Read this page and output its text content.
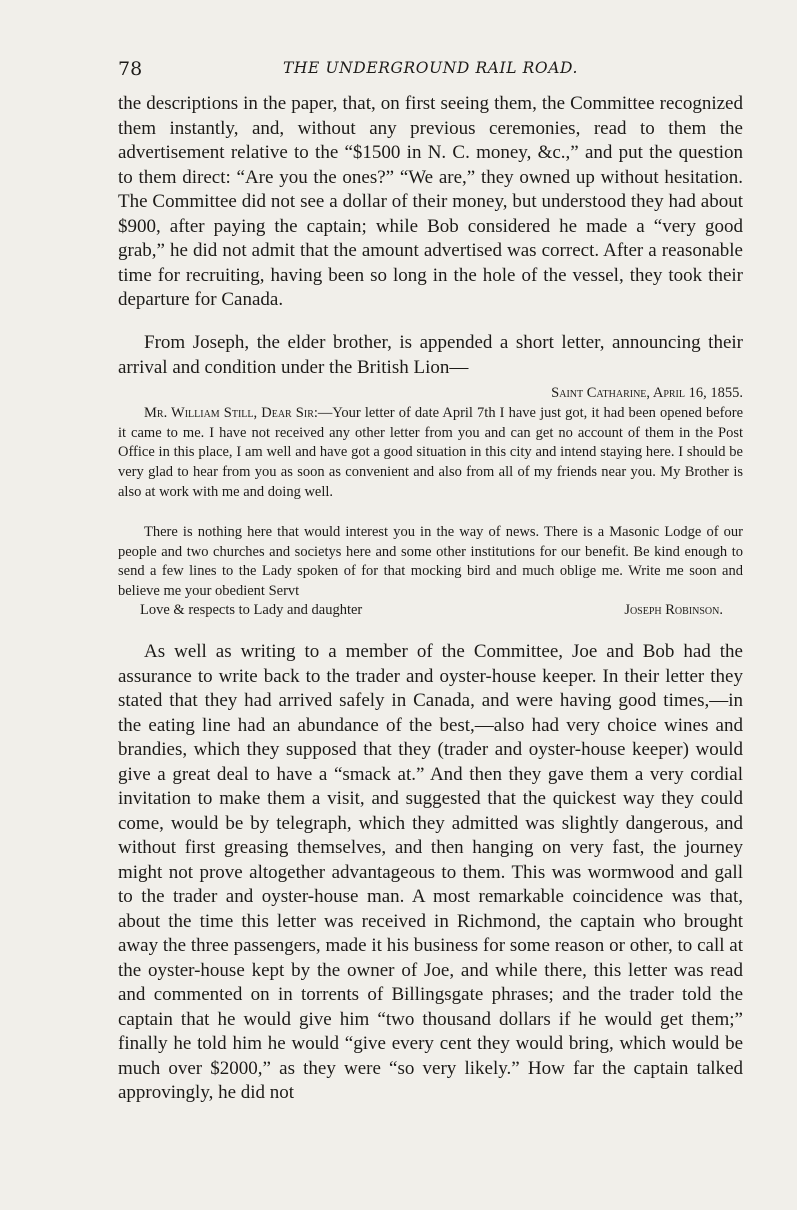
78	THE UNDERGROUND RAIL ROAD.

the descriptions in the paper, that, on first seeing them, the Committee recognized them instantly, and, without any previous ceremonies, read to them the advertisement relative to the “$1500 in N. C. money, &c.,” and put the question to them direct: “Are you the ones?” “We are,” they owned up without hesitation. The Committee did not see a dollar of their money, but understood they had about $900, after paying the captain; while Bob considered he made a “very good grab,” he did not admit that the amount advertised was correct. After a reasonable time for recruiting, having been so long in the hole of the vessel, they took their departure for Canada.

From Joseph, the elder brother, is appended a short letter, announcing their arrival and condition under the British Lion—

Saint Catharine, April 16, 1855.

Mr. William Still, Dear Sir:—Your letter of date April 7th I have just got, it had been opened before it came to me. I have not received any other letter from you and can get no account of them in the Post Office in this place, I am well and have got a good situation in this city and intend staying here. I should be very glad to hear from you as soon as convenient and also from all of my friends near you. My Brother is also at work with me and doing well.

There is nothing here that would interest you in the way of news. There is a Masonic Lodge of our people and two churches and societys here and some other institutions for our benefit. Be kind enough to send a few lines to the Lady spoken of for that mocking bird and much oblige me. Write me soon and believe me your obedient Servt

Love & respects to Lady and daughter	Joseph Robinson.

As well as writing to a member of the Committee, Joe and Bob had the assurance to write back to the trader and oyster-house keeper. In their letter they stated that they had arrived safely in Canada, and were having good times,—in the eating line had an abundance of the best,—also had very choice wines and brandies, which they supposed that they (trader and oyster-house keeper) would give a great deal to have a “smack at.” And then they gave them a very cordial invitation to make them a visit, and suggested that the quickest way they could come, would be by telegraph, which they admitted was slightly dangerous, and without first greasing themselves, and then hanging on very fast, the journey might not prove altogether advantageous to them. This was wormwood and gall to the trader and oyster-house man. A most remarkable coincidence was that, about the time this letter was received in Richmond, the captain who brought away the three passengers, made it his business for some reason or other, to call at the oyster-house kept by the owner of Joe, and while there, this letter was read and commented on in torrents of Billingsgate phrases; and the trader told the captain that he would give him “two thousand dollars if he would get them;” finally he told him he would “give every cent they would bring, which would be much over $2000,” as they were “so very likely.” How far the captain talked approvingly, he did not
